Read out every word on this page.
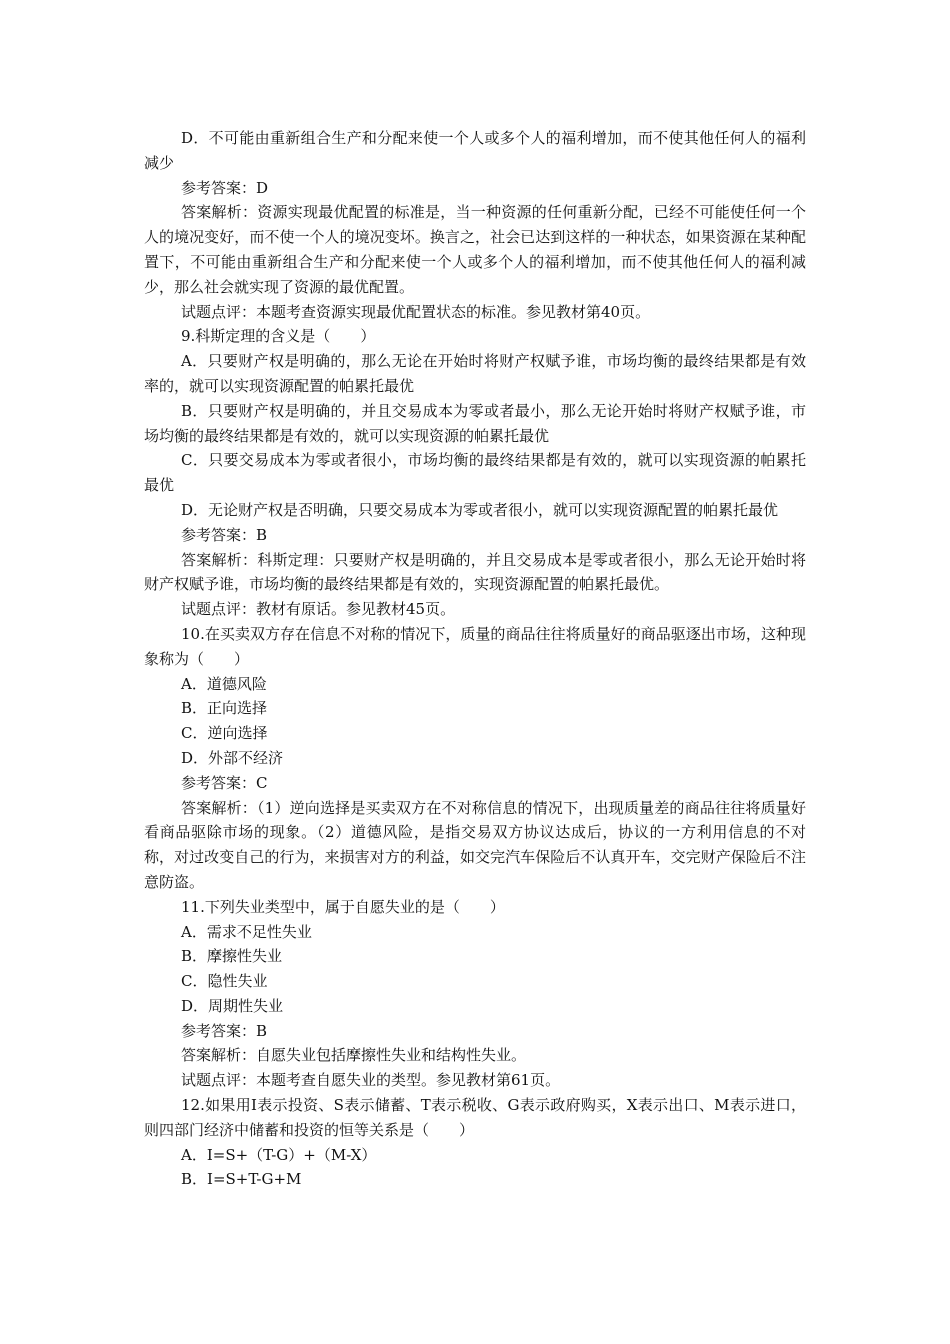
D．不可能由重新组合生产和分配来使一个人或多个人的福利增加，而不使其他任何人的福利减少

参考答案：D

答案解析：资源实现最优配置的标准是，当一种资源的任何重新分配，已经不可能使任何一个人的境况变好，而不使一个人的境况变坏。换言之，社会已达到这样的一种状态，如果资源在某种配置下，不可能由重新组合生产和分配来使一个人或多个人的福利增加，而不使其他任何人的福利减少，那么社会就实现了资源的最优配置。

试题点评：本题考查资源实现最优配置状态的标准。参见教材第40页。

9.科斯定理的含义是（　　）

A．只要财产权是明确的，那么无论在开始时将财产权赋予谁，市场均衡的最终结果都是有效率的，就可以实现资源配置的帕累托最优

B．只要财产权是明确的，并且交易成本为零或者最小，那么无论开始时将财产权赋予谁，市场均衡的最终结果都是有效的，就可以实现资源的帕累托最优

C．只要交易成本为零或者很小，市场均衡的最终结果都是有效的，就可以实现资源的帕累托最优

D．无论财产权是否明确，只要交易成本为零或者很小，就可以实现资源配置的帕累托最优

参考答案：B

答案解析：科斯定理：只要财产权是明确的，并且交易成本是零或者很小，那么无论开始时将财产权赋予谁，市场均衡的最终结果都是有效的，实现资源配置的帕累托最优。

试题点评：教材有原话。参见教材45页。

10.在买卖双方存在信息不对称的情况下，质量的商品往往将质量好的商品驱逐出市场，这种现象称为（　　）

A．道德风险

B．正向选择

C．逆向选择

D．外部不经济

参考答案：C

答案解析：（1）逆向选择是买卖双方在不对称信息的情况下，出现质量差的商品往往将质量好看商品驱除市场的现象。（2）道德风险，是指交易双方协议达成后，协议的一方利用信息的不对称，对过改变自己的行为，来损害对方的利益，如交完汽车保险后不认真开车，交完财产保险后不注意防盗。

11.下列失业类型中，属于自愿失业的是（　　）

A．需求不足性失业

B．摩擦性失业

C．隐性失业

D．周期性失业

参考答案：B

答案解析：自愿失业包括摩擦性失业和结构性失业。

试题点评：本题考查自愿失业的类型。参见教材第61页。

12.如果用I表示投资、S表示储蓄、T表示税收、G表示政府购买，X表示出口、M表示进口，则四部门经济中储蓄和投资的恒等关系是（　　）

A．I=S+（T-G）+（M-X）

B．I=S+T-G+M
